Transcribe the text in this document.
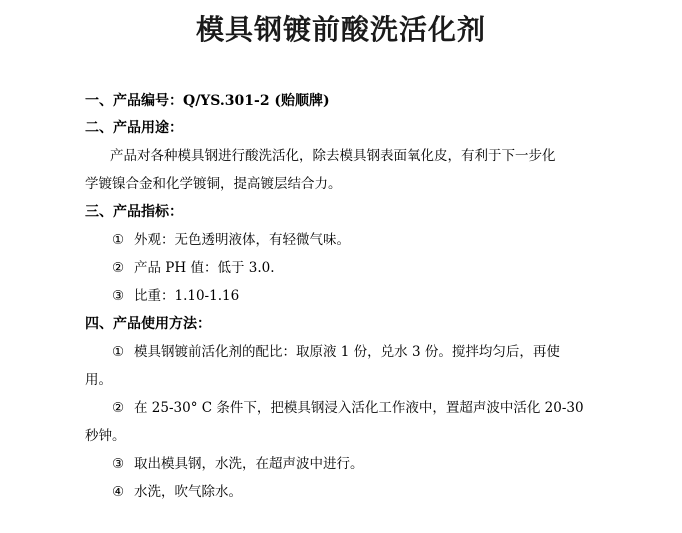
模具钢镀前酸洗活化剂
一、产品编号：Q/YS.301-2 (贻顺牌)
二、产品用途：
产品对各种模具钢进行酸洗活化，除去模具钢表面氧化皮，有利于下一步化
学镀镍合金和化学镀铜，提高镀层结合力。
三、产品指标：
① 外观：无色透明液体，有轻微气味。
② 产品 PH 值：低于 3.0.
③ 比重：1.10-1.16
四、产品使用方法：
① 模具钢镀前活化剂的配比：取原液 1 份，兑水 3 份。搅拌均匀后，再使
用。
② 在 25-30° C 条件下，把模具钢浸入活化工作液中，置超声波中活化 20-30
秒钟。
③ 取出模具钢，水洗，在超声波中进行。
④ 水洗，吹气除水。
